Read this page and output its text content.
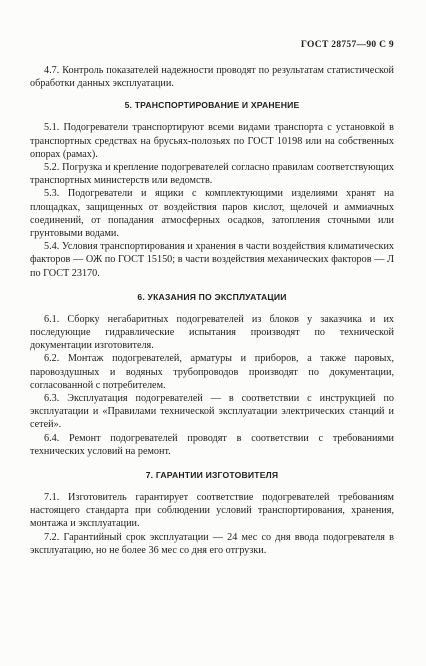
ГОСТ 28757—90 С 9

4.7. Контроль показателей надежности проводят по результатам статистической обработки данных эксплуатации.

5. ТРАНСПОРТИРОВАНИЕ И ХРАНЕНИЕ

5.1. Подогреватели транспортируют всеми видами транспорта с установкой в транспортных средствах на брусьях-полозьях по ГОСТ 10198 или на собственных опорах (рамах).

5.2. Погрузка и крепление подогревателей согласно правилам соответствующих транспортных министерств или ведомств.

5.3. Подогреватели и ящики с комплектующими изделиями хранят на площадках, защищенных от воздействия паров кислот, щелочей и аммиачных соединений, от попадания атмосферных осадков, затопления сточными или грунтовыми водами.

5.4. Условия транспортирования и хранения в части воздействия климатических факторов — ОЖ по ГОСТ 15150; в части воздействия механических факторов — Л по ГОСТ 23170.

6. УКАЗАНИЯ ПО ЭКСПЛУАТАЦИИ

6.1. Сборку негабаритных подогревателей из блоков у заказчика и их последующие гидравлические испытания производят по технической документации изготовителя.

6.2. Монтаж подогревателей, арматуры и приборов, а также паровых, паровоздушных и водяных трубопроводов производят по документации, согласованной с потребителем.

6.3. Эксплуатация подогревателей — в соответствии с инструкцией по эксплуатации и «Правилами технической эксплуатации электрических станций и сетей».

6.4. Ремонт подогревателей проводят в соответствии с требованиями технических условий на ремонт.

7. ГАРАНТИИ ИЗГОТОВИТЕЛЯ

7.1. Изготовитель гарантирует соответствие подогревателей требованиям настоящего стандарта при соблюдении условий транспортирования, хранения, монтажа и эксплуатации.

7.2. Гарантийный срок эксплуатации — 24 мес со дня ввода подогревателя в эксплуатацию, но не более 36 мес со дня его отгрузки.
